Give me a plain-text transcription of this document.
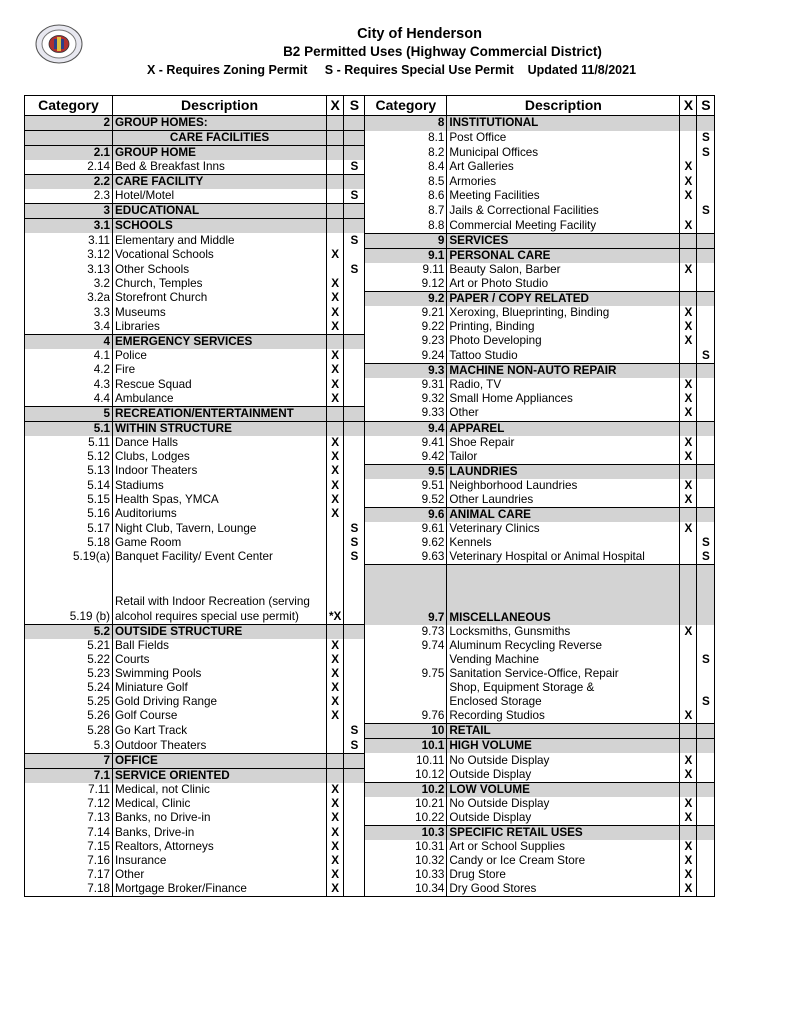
City of Henderson
B2 Permitted Uses (Highway Commercial District)
X - Requires Zoning Permit     S - Requires Special Use Permit    Updated 11/8/2021
Category	Description	X	S	Category	Description	X	S
2	GROUP HOMES:			8	INSTITUTIONAL		
	CARE FACILITIES			8.1	Post Office		S
2.1	GROUP HOME			8.2	Municipal Offices		S
2.14	Bed & Breakfast Inns		S	8.4	Art Galleries	X	
2.2	CARE FACILITY			8.5	Armories	X	
2.3	Hotel/Motel		S	8.6	Meeting Facilities	X	
3	EDUCATIONAL			8.7	Jails & Correctional Facilities		S
3.1	SCHOOLS			8.8	Commercial Meeting Facility	X	
3.11	Elementary and Middle		S	9	SERVICES		
3.12	Vocational Schools	X		9.1	PERSONAL CARE		
3.13	Other Schools		S	9.11	Beauty Salon, Barber	X	
3.2	Church, Temples	X		9.12	Art or Photo Studio		
3.2a	Storefront Church	X		9.2	PAPER / COPY RELATED		
3.3	Museums	X		9.21	Xeroxing, Blueprinting, Binding	X	
3.4	Libraries	X		9.22	Printing, Binding	X	
4	EMERGENCY SERVICES			9.23	Photo Developing	X	
4.1	Police	X		9.24	Tattoo Studio		S
4.2	Fire	X		9.3	MACHINE NON-AUTO REPAIR		
4.3	Rescue Squad	X		9.31	Radio, TV	X	
4.4	Ambulance	X		9.32	Small Home Appliances	X	
5	RECREATION/ENTERTAINMENT			9.33	Other	X	
5.1	WITHIN STRUCTURE			9.4	APPAREL		
5.11	Dance Halls	X		9.41	Shoe Repair	X	
5.12	Clubs, Lodges	X		9.42	Tailor	X	
5.13	Indoor Theaters	X		9.5	LAUNDRIES		
5.14	Stadiums	X		9.51	Neighborhood Laundries	X	
5.15	Health Spas, YMCA	X		9.52	Other Laundries	X	
5.16	Auditoriums	X		9.6	ANIMAL CARE		
5.17	Night Club, Tavern, Lounge		S	9.61	Veterinary Clinics	X	
5.18	Game Room		S	9.62	Kennels		S
5.19(a)	Banquet Facility/ Event Center		S	9.63	Veterinary Hospital or Animal Hospital		S
5.19 (b)	Retail with Indoor Recreation (serving alcohol requires special use permit)	*X		9.7	MISCELLANEOUS		
5.2	OUTSIDE STRUCTURE			9.73	Locksmiths, Gunsmiths	X	
5.21	Ball Fields	X		9.74	Aluminum Recycling Reverse		
5.22	Courts	X			Vending Machine		S
5.23	Swimming Pools	X		9.75	Sanitation Service-Office, Repair		
5.24	Miniature Golf	X			Shop, Equipment Storage &		
5.25	Gold Driving Range	X			Enclosed Storage		S
5.26	Golf Course	X		9.76	Recording Studios	X	
5.28	Go Kart Track		S	10	RETAIL		
5.3	Outdoor Theaters		S	10.1	HIGH VOLUME		
7	OFFICE			10.11	No Outside Display	X	
7.1	SERVICE ORIENTED			10.12	Outside Display	X	
7.11	Medical, not Clinic	X		10.2	LOW VOLUME		
7.12	Medical, Clinic	X		10.21	No Outside Display	X	
7.13	Banks, no Drive-in	X		10.22	Outside Display	X	
7.14	Banks, Drive-in	X		10.3	SPECIFIC RETAIL USES		
7.15	Realtors, Attorneys	X		10.31	Art or School Supplies	X	
7.16	Insurance	X		10.32	Candy or Ice Cream Store	X	
7.17	Other	X		10.33	Drug Store	X	
7.18	Mortgage Broker/Finance	X		10.34	Dry Good Stores	X	
